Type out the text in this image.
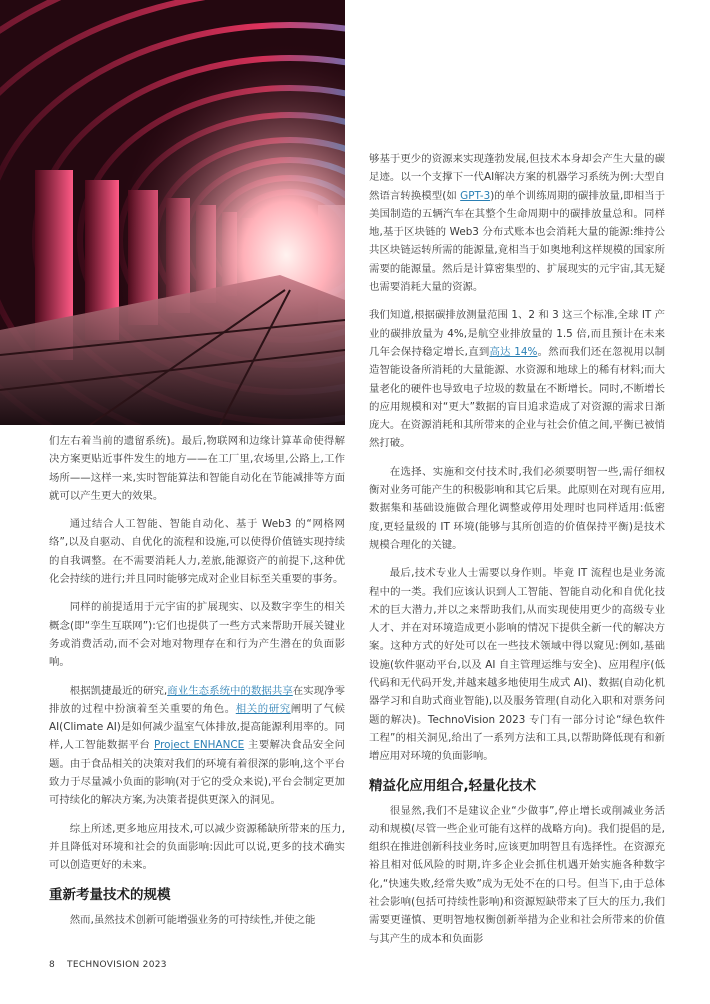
们左右着当前的遗留系统)。最后,物联网和边缘计算革命使得解决方案更贴近事件发生的地方——在工厂里,农场里,公路上,工作场所——这样一来,实时智能算法和智能自动化在节能减排等方面就可以产生更大的效果。

通过结合人工智能、智能自动化、基于 Web3 的“网格网络”,以及自驱动、自优化的流程和设施,可以使得价值链实现持续的自我调整。在不需要消耗人力,差旅,能源资产的前提下,这种优化会持续的进行;并且同时能够完成对企业目标至关重要的事务。

同样的前提适用于元宇宙的扩展现实、以及数字孪生的相关概念(即“孪生互联网”):它们也提供了一些方式来帮助开展关键业务或消费活动,而不会对地对物理存在和行为产生潜在的负面影响。

根据凯捷最近的研究,商业生态系统中的数据共享在实现净零排放的过程中扮演着至关重要的角色。相关的研究阐明了气候 AI(Climate AI)是如何减少温室气体排放,提高能源利用率的。同样,人工智能数据平台 Project ENHANCE 主要解决食品安全问题。由于食品相关的决策对我们的环境有着很深的影响,这个平台致力于尽量减小负面的影响(对于它的受众来说),平台会制定更加可持续化的解决方案,为决策者提供更深入的洞见。

综上所述,更多地应用技术,可以减少资源稀缺所带来的压力,并且降低对环境和社会的负面影响:因此可以说,更多的技术确实可以创造更好的未来。

重新考量技术的规模

然而,虽然技术创新可能增强业务的可持续性,并使之能

够基于更少的资源来实现蓬勃发展,但技术本身却会产生大量的碳足迹。以一个支撑下一代AI解决方案的机器学习系统为例:大型自然语言转换模型(如 GPT-3)的单个训练周期的碳排放量,即相当于美国制造的五辆汽车在其整个生命周期中的碳排放量总和。同样地,基于区块链的 Web3 分布式账本也会消耗大量的能源:维持公共区块链运转所需的能源量,竟相当于如奥地利这样规模的国家所需要的能源量。然后是计算密集型的、扩展现实的元宇宙,其无疑也需要消耗大量的资源。

我们知道,根据碳排放测量范围 1、2 和 3 这三个标准,全球 IT 产业的碳排放量为 4%,是航空业排放量的 1.5 倍,而且预计在未来几年会保持稳定增长,直到高达 14%。然而我们还在忽视用以制造智能设备所消耗的大量能源、水资源和地球上的稀有材料;而大量老化的硬件也导致电子垃圾的数量在不断增长。同时,不断增长的应用规模和对“更大”数据的盲目追求造成了对资源的需求日渐庞大。在资源消耗和其所带来的企业与社会价值之间,平衡已被悄然打破。

在选择、实施和交付技术时,我们必须要明智一些,需仔细权衡对业务可能产生的积极影响和其它后果。此原则在对现有应用,数据集和基础设施做合理化调整或停用处理时也同样适用:低密度,更轻量级的 IT 环境(能够与其所创造的价值保持平衡)是技术规模合理化的关键。

最后,技术专业人士需要以身作则。毕竟 IT 流程也是业务流程中的一类。我们应该认识到人工智能、智能自动化和自优化技术的巨大潜力,并以之来帮助我们,从而实现使用更少的高级专业人才、并在对环境造成更小影响的情况下提供全新一代的解决方案。这种方式的好处可以在一些技术领域中得以窥见:例如,基础设施(软件驱动平台,以及 AI 自主管理运维与安全)、应用程序(低代码和无代码开发,并越来越多地使用生成式 AI)、数据(自动化机器学习和自助式商业智能),以及服务管理(自动化入职和对票务问题的解决)。TechnoVision 2023 专门有一部分讨论“绿色软件工程”的相关洞见,给出了一系列方法和工具,以帮助降低现有和新增应用对环境的负面影响。

精益化应用组合,轻量化技术

很显然,我们不是建议企业“少做事”,停止增长或削减业务活动和规模(尽管一些企业可能有这样的战略方向)。我们提倡的是,组织在推进创新科技业务时,应该更加明智且有选择性。在资源充裕且相对低风险的时期,许多企业会抓住机遇开始实施各种数字化,“快速失败,经常失败”成为无处不在的口号。但当下,由于总体社会影响(包括可持续性影响)和资源短缺带来了巨大的压力,我们需要更谨慎、更明智地权衡创新举措为企业和社会所带来的价值与其产生的成本和负面影

8 TECHNOVISION 2023
